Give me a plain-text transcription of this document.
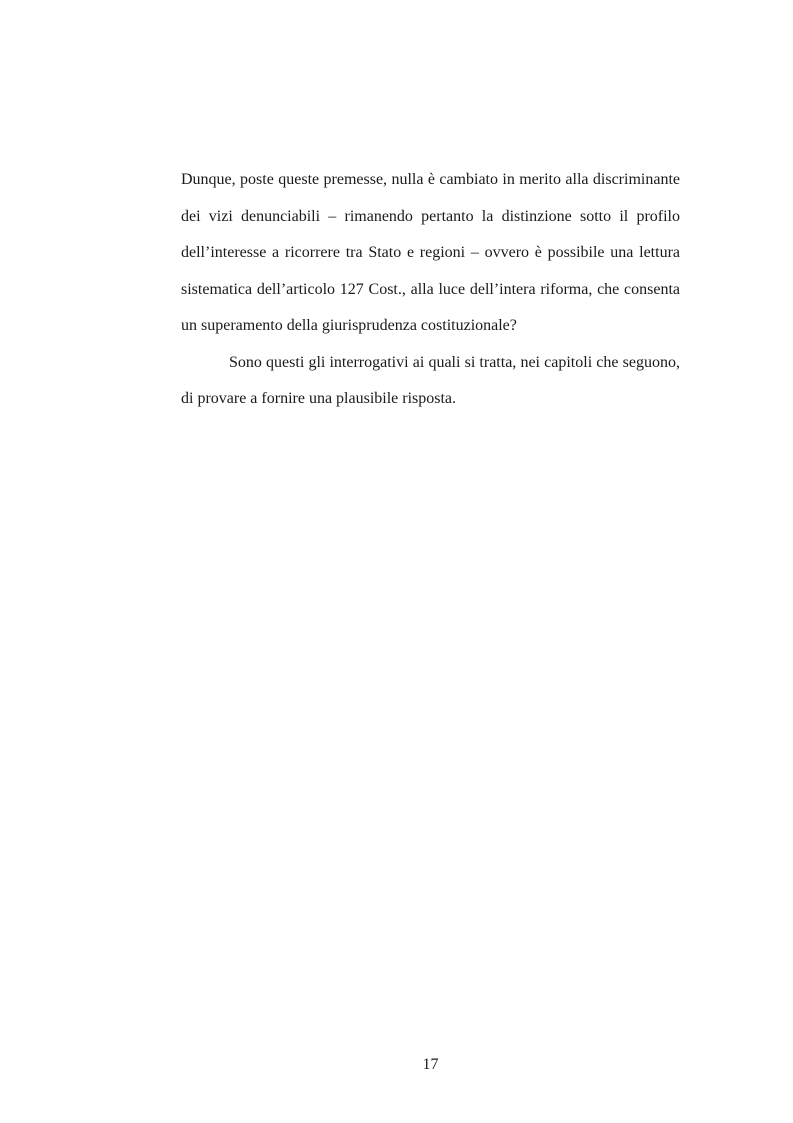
Dunque, poste queste premesse, nulla è cambiato in merito alla discriminante dei vizi denunciabili – rimanendo pertanto la distinzione sotto il profilo dell’interesse a ricorrere tra Stato e regioni – ovvero è possibile una lettura sistematica dell’articolo 127 Cost., alla luce dell’intera riforma, che consenta un superamento della giurisprudenza costituzionale?

Sono questi gli interrogativi ai quali si tratta, nei capitoli che seguono, di provare a fornire una plausibile risposta.

17
